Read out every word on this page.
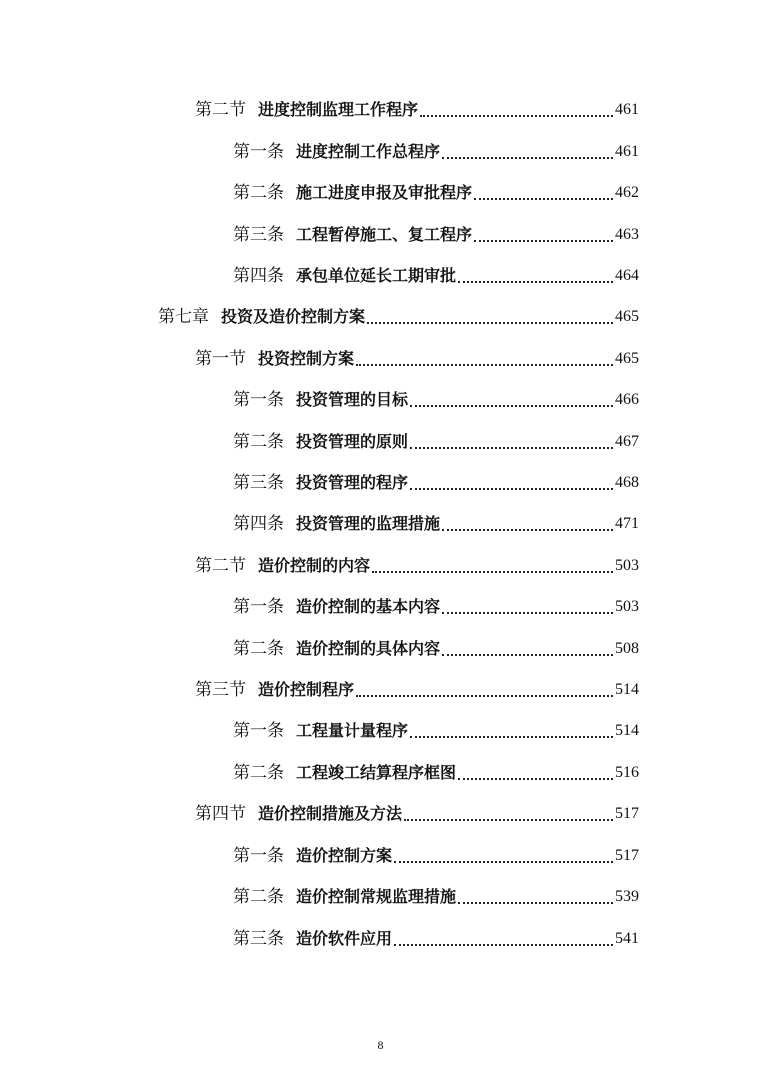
第二节 进度控制监理工作程序	461
第一条 进度控制工作总程序	461
第二条 施工进度申报及审批程序	462
第三条 工程暂停施工、复工程序	463
第四条 承包单位延长工期审批	464
第七章 投资及造价控制方案	465
第一节 投资控制方案	465
第一条 投资管理的目标	466
第二条 投资管理的原则	467
第三条 投资管理的程序	468
第四条 投资管理的监理措施	471
第二节 造价控制的内容	503
第一条 造价控制的基本内容	503
第二条 造价控制的具体内容	508
第三节 造价控制程序	514
第一条 工程量计量程序	514
第二条 工程竣工结算程序框图	516
第四节 造价控制措施及方法	517
第一条 造价控制方案	517
第二条 造价控制常规监理措施	539
第三条 造价软件应用	541
8
